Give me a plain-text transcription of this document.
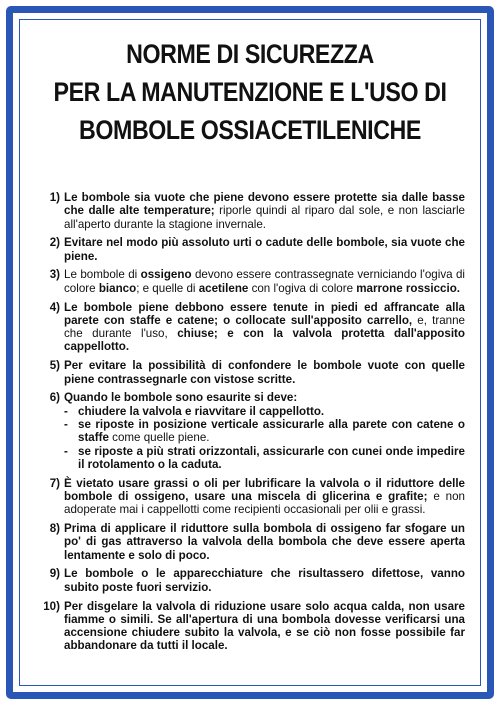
NORME DI SICUREZZA
PER LA MANUTENZIONE E L'USO DI
BOMBOLE OSSIACETILENICHE
1) Le bombole sia vuote che piene devono essere protette sia dalle basse che dalle alte temperature; riporle quindi al riparo dal sole, e non lasciarle all'aperto durante la stagione invernale.
2) Evitare nel modo più assoluto urti o cadute delle bombole, sia vuote che piene.
3) Le bombole di ossigeno devono essere contrassegnate verniciando l'ogiva di colore bianco; e quelle di acetilene con l'ogiva di colore marrone rossiccio.
4) Le bombole piene debbono essere tenute in piedi ed affrancate alla parete con staffe e catene; o collocate sull'apposito carrello, e, tranne che durante l'uso, chiuse; e con la valvola protetta dall'apposito cappellotto.
5) Per evitare la possibilità di confondere le bombole vuote con quelle piene contrassegnarle con vistose scritte.
6) Quando le bombole sono esaurite si deve:
- chiudere la valvola e riavvitare il cappellotto.
- se riposte in posizione verticale assicurarle alla parete con catene o staffe come quelle piene.
- se riposte a più strati orizzontali, assicurarle con cunei onde impedire il rotolamento o la caduta.
7) È vietato usare grassi o oli per lubrificare la valvola o il riduttore delle bombole di ossigeno, usare una miscela di glicerina e grafite; e non adoperate mai i cappellotti come recipienti occasionali per olii e grassi.
8) Prima di applicare il riduttore sulla bombola di ossigeno far sfogare un po' di gas attraverso la valvola della bombola che deve essere aperta lentamente e solo di poco.
9) Le bombole o le apparecchiature che risultassero difettose, vanno subito poste fuori servizio.
10) Per disgelare la valvola di riduzione usare solo acqua calda, non usare fiamme o simili. Se all'apertura di una bombola dovesse verificarsi una accensione chiudere subito la valvola, e se ciò non fosse possibile far abbandonare da tutti il locale.
